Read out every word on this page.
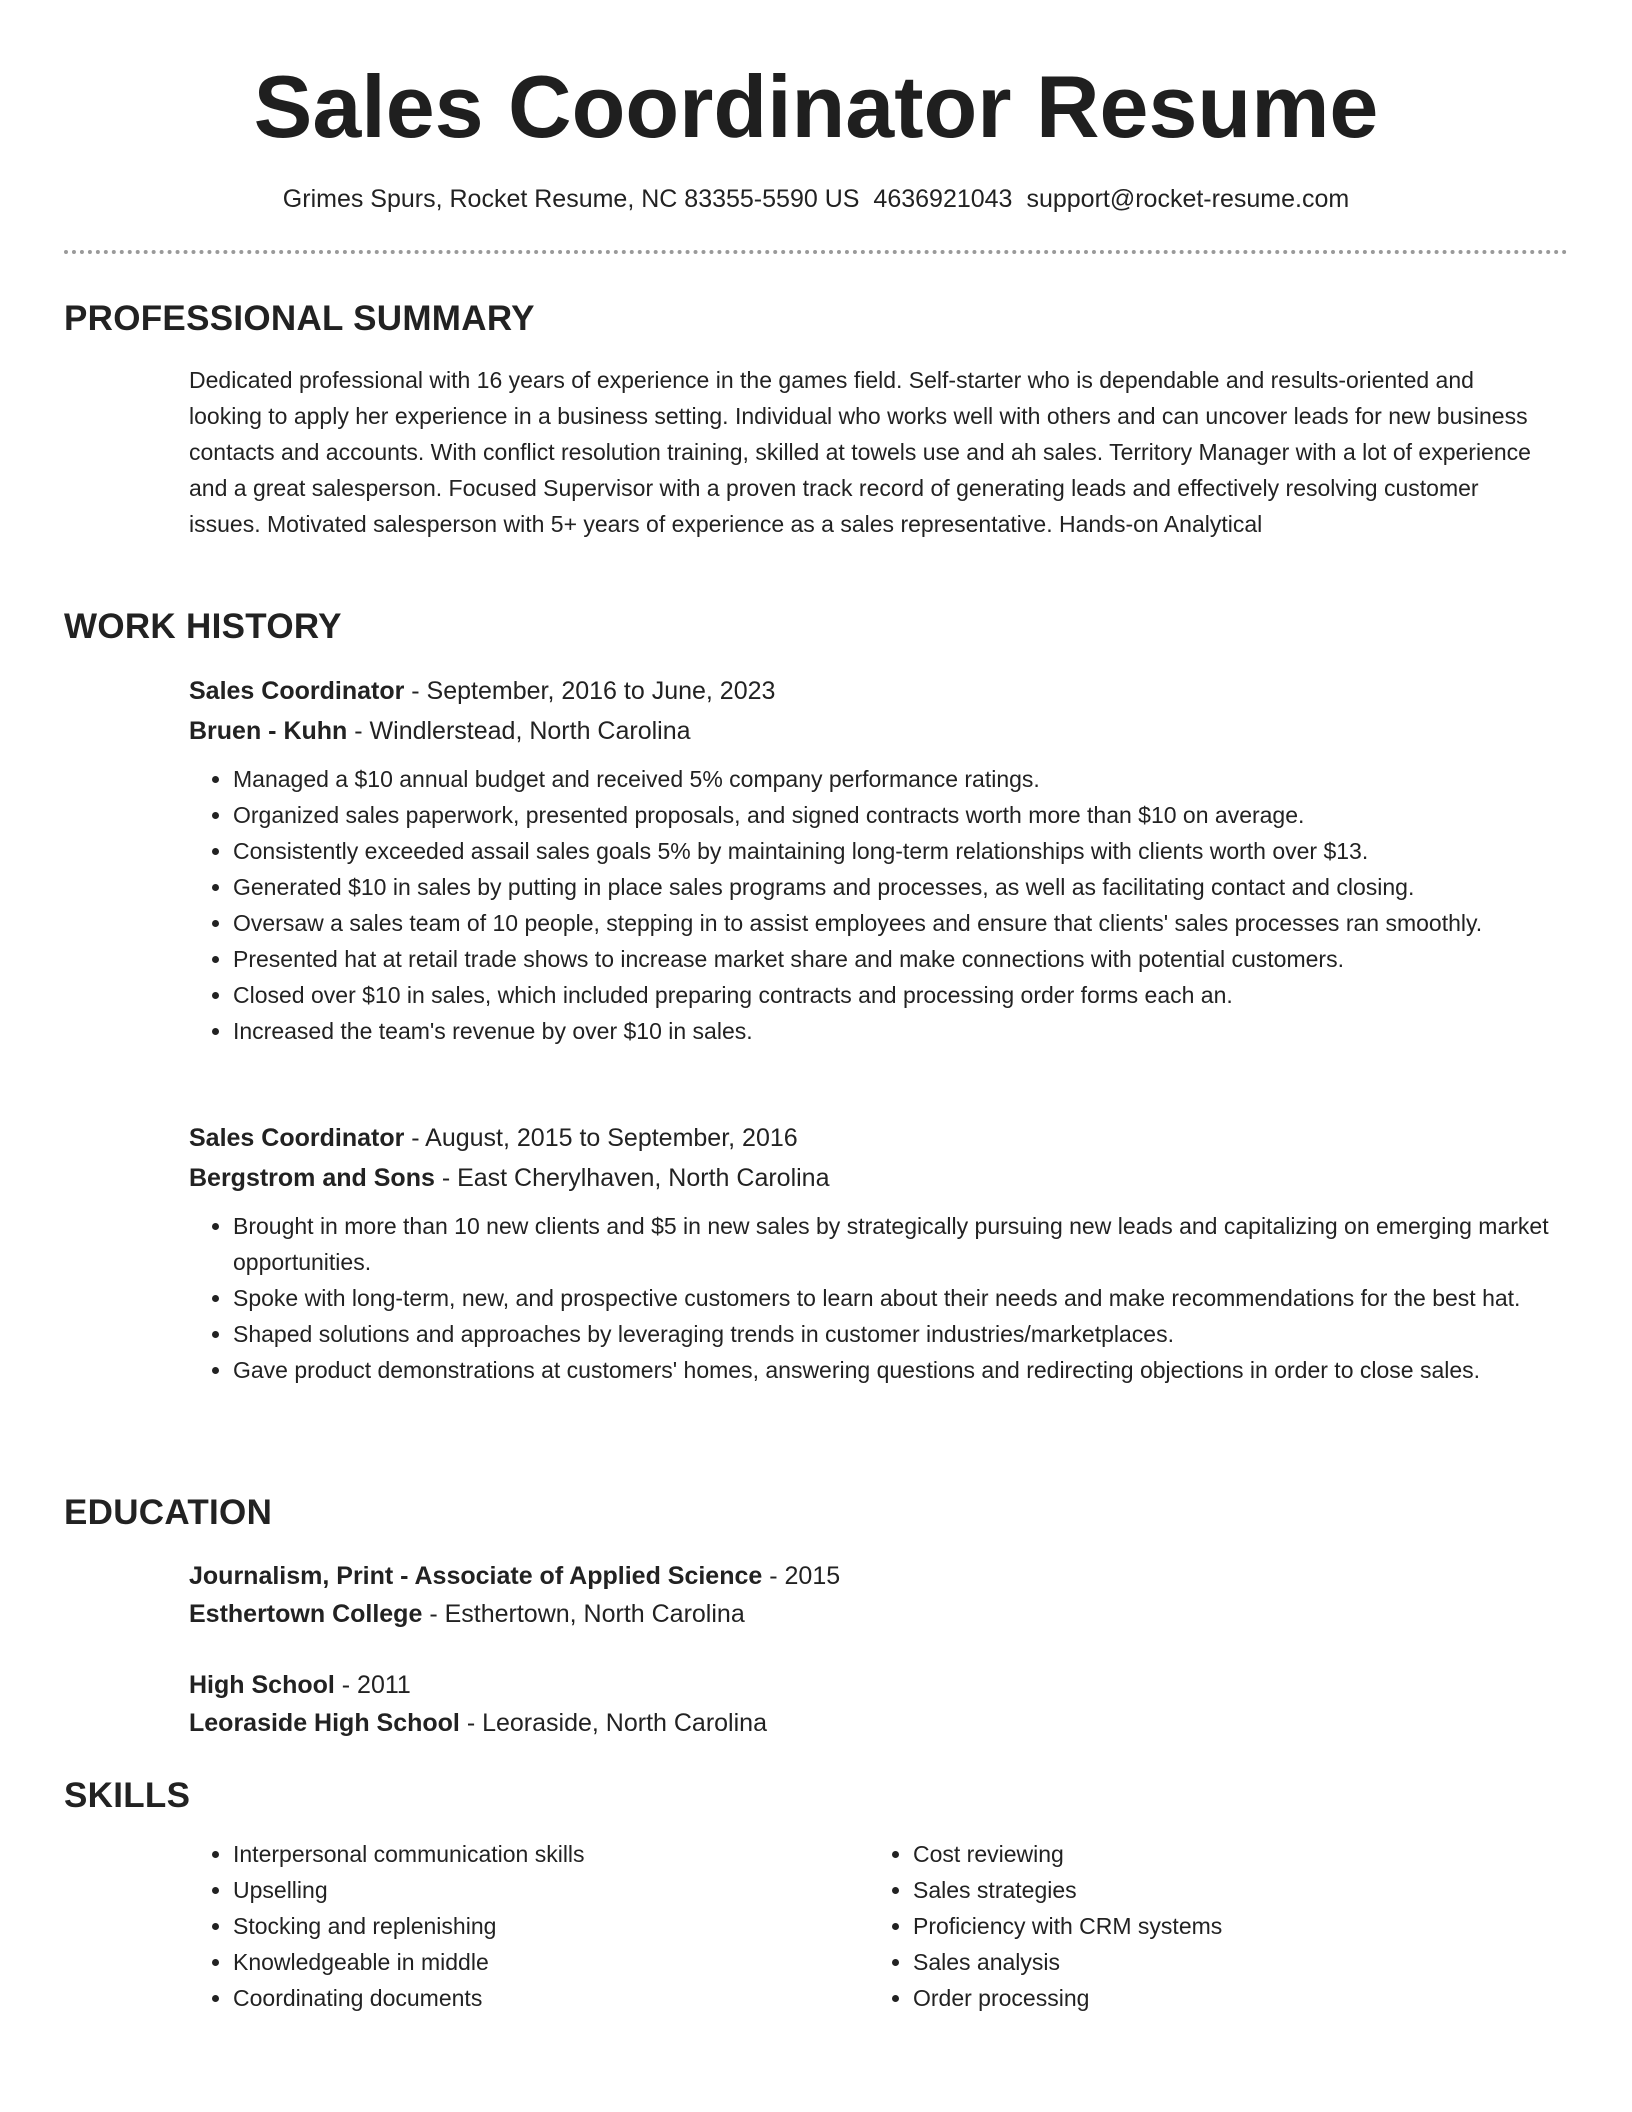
Sales Coordinator Resume
Grimes Spurs, Rocket Resume, NC 83355-5590 US 4636921043 support@rocket-resume.com
PROFESSIONAL SUMMARY

Dedicated professional with 16 years of experience in the games field. Self-starter who is dependable and results-oriented and looking to apply her experience in a business setting. Individual who works well with others and can uncover leads for new business contacts and accounts. With conflict resolution training, skilled at towels use and ah sales. Territory Manager with a lot of experience and a great salesperson. Focused Supervisor with a proven track record of generating leads and effectively resolving customer issues. Motivated salesperson with 5+ years of experience as a sales representative. Hands-on Analytical

WORK HISTORY

Sales Coordinator - September, 2016 to June, 2023

Bruen - Kuhn - Windlerstead, North Carolina

• Managed a $10 annual budget and received 5% company performance ratings.
• Organized sales paperwork, presented proposals, and signed contracts worth more than $10 on average.
• Consistently exceeded assail sales goals 5% by maintaining long-term relationships with clients worth over $13.
• Generated $10 in sales by putting in place sales programs and processes, as well as facilitating contact and closing.
• Oversaw a sales team of 10 people, stepping in to assist employees and ensure that clients' sales processes ran smoothly.
• Presented hat at retail trade shows to increase market share and make connections with potential customers.
• Closed over $10 in sales, which included preparing contracts and processing order forms each an.
• Increased the team's revenue by over $10 in sales.

Sales Coordinator - August, 2015 to September, 2016

Bergstrom and Sons - East Cherylhaven, North Carolina

• Brought in more than 10 new clients and $5 in new sales by strategically pursuing new leads and capitalizing on emerging market opportunities.
• Spoke with long-term, new, and prospective customers to learn about their needs and make recommendations for the best hat.
• Shaped solutions and approaches by leveraging trends in customer industries/marketplaces.
• Gave product demonstrations at customers' homes, answering questions and redirecting objections in order to close sales.
EDUCATION

Journalism, Print - Associate of Applied Science - 2015

Esthertown College - Esthertown, North Carolina

High School - 2011

Leoraside High School - Leoraside, North Carolina

SKILLS
• Interpersonal communication skills
• Upselling
• Stocking and replenishing
• Knowledgeable in middle
• Coordinating documents
• Cost reviewing
• Sales strategies
• Proficiency with CRM systems
• Sales analysis
• Order processing
